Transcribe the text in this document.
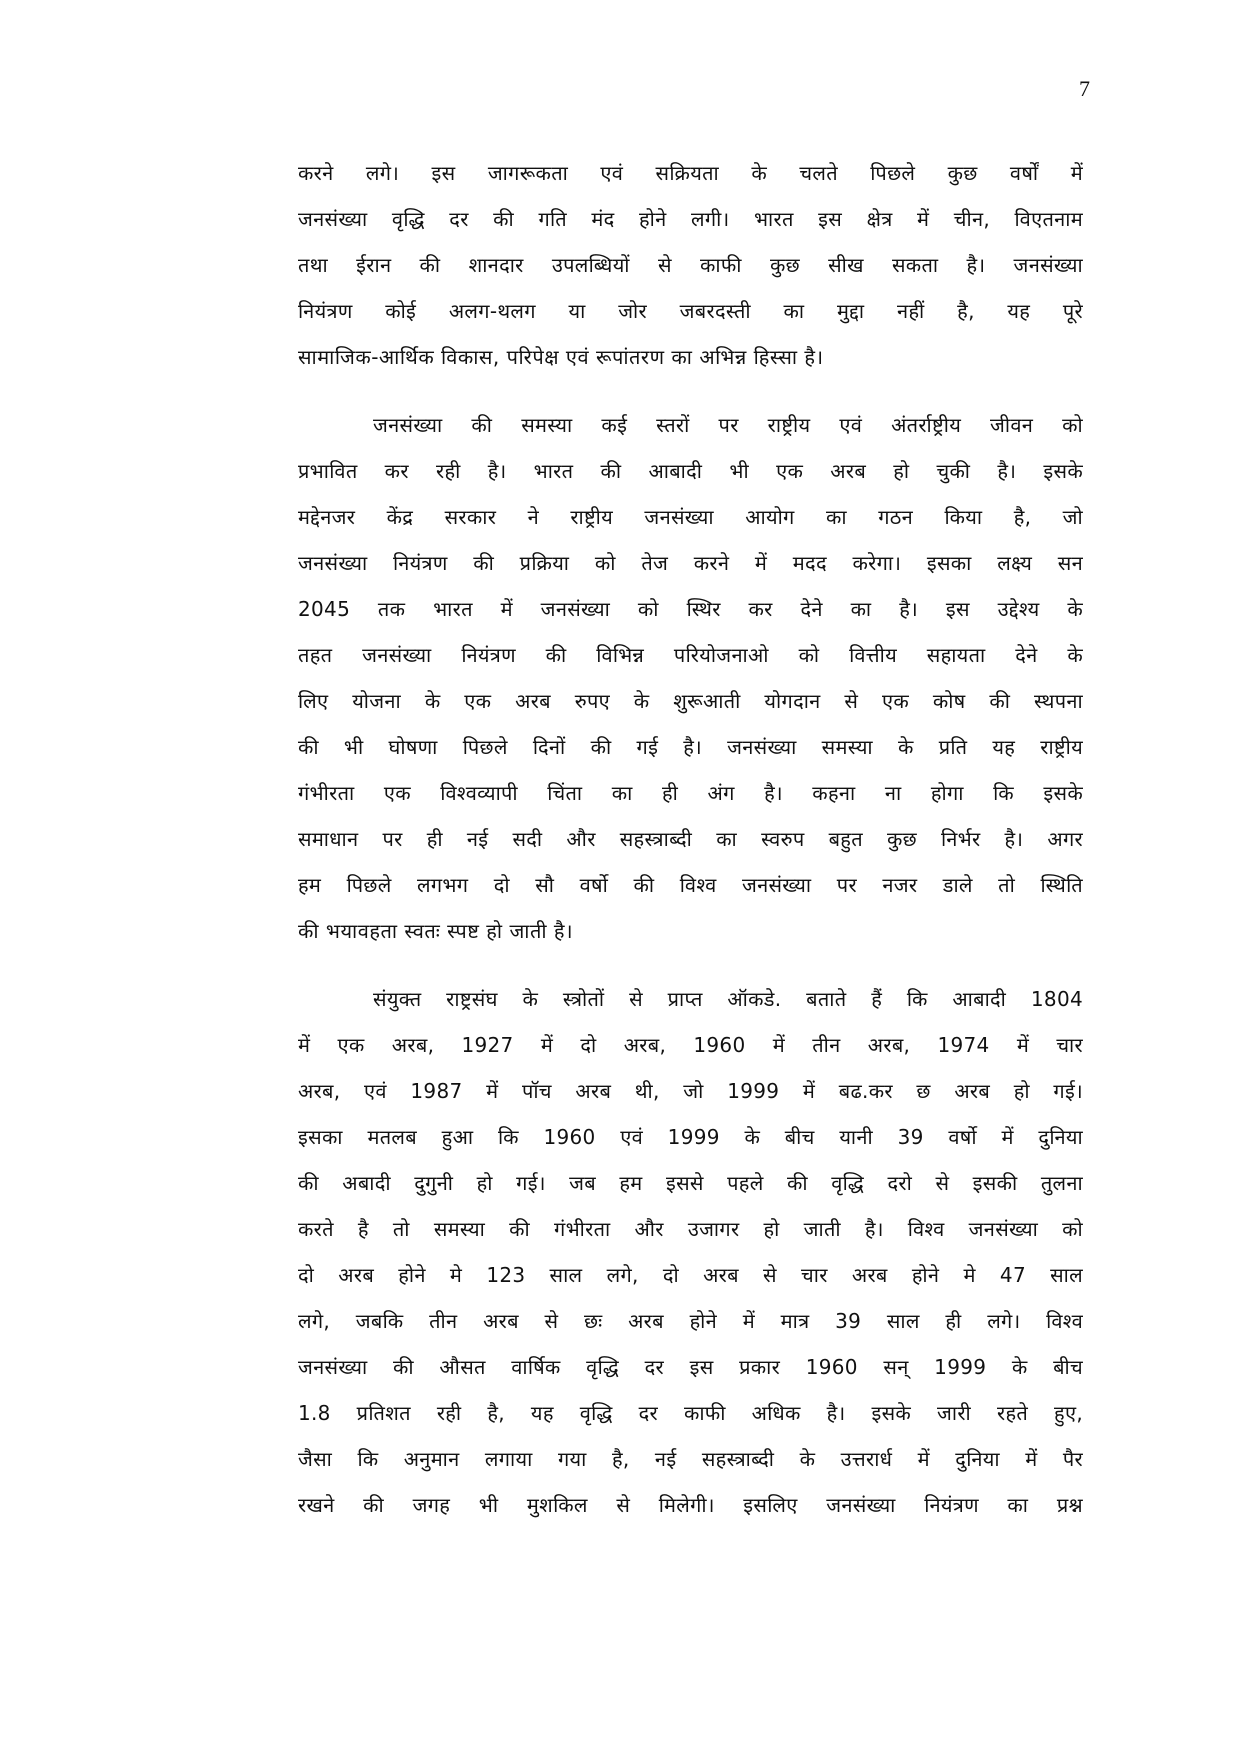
7
करने लगे। इस जागरूकता एवं सक्रियता के चलते पिछले कुछ वर्षों में
जनसंख्या वृद्धि दर की गति मंद होने लगी। भारत इस क्षेत्र में चीन, विएतनाम
तथा ईरान की शानदार उपलब्धियों से काफी कुछ सीख सकता है। जनसंख्या
नियंत्रण कोई अलग-थलग या जोर जबरदस्ती का मुद्दा नहीं है, यह पूरे
सामाजिक-आर्थिक विकास, परिपेक्ष एवं रूपांतरण का अभिन्न हिस्सा है।
जनसंख्या की समस्या कई स्तरों पर राष्ट्रीय एवं अंतर्राष्ट्रीय जीवन को
प्रभावित कर रही है। भारत की आबादी भी एक अरब हो चुकी है। इसके
मद्देनजर केंद्र सरकार ने राष्ट्रीय जनसंख्या आयोग का गठन किया है, जो
जनसंख्या नियंत्रण की प्रक्रिया को तेज करने में मदद करेगा। इसका लक्ष्य सन
2045 तक भारत में जनसंख्या को स्थिर कर देने का है। इस उद्देश्य के
तहत जनसंख्या नियंत्रण की विभिन्न परियोजनाओ को वित्तीय सहायता देने के
लिए योजना के एक अरब रुपए के शुरूआती योगदान से एक कोष की स्थपना
की भी घोषणा पिछले दिनों की गई है। जनसंख्या समस्या के प्रति यह राष्ट्रीय
गंभीरता एक विश्वव्यापी चिंता का ही अंग है। कहना ना होगा कि इसके
समाधान पर ही नई सदी और सहस्त्राब्दी का स्वरुप बहुत कुछ निर्भर है। अगर
हम पिछले लगभग दो सौ वर्षो की विश्व जनसंख्या पर नजर डाले तो स्थिति
की भयावहता स्वतः स्पष्ट हो जाती है।
संयुक्त राष्ट्रसंघ के स्त्रोतों से प्राप्त ऑकडे. बताते हैं कि आबादी 1804
में एक अरब, 1927 में दो अरब, 1960 में तीन अरब, 1974 में चार
अरब, एवं 1987 में पॉच अरब थी, जो 1999 में बढ.कर छ अरब हो गई।
इसका मतलब हुआ कि 1960 एवं 1999 के बीच यानी 39 वर्षो में दुनिया
की अबादी दुगुनी हो गई। जब हम इससे पहले की वृद्धि दरो से इसकी तुलना
करते है तो समस्या की गंभीरता और उजागर हो जाती है। विश्व जनसंख्या को
दो अरब होने मे 123 साल लगे, दो अरब से चार अरब होने मे 47 साल
लगे, जबकि तीन अरब से छः अरब होने में मात्र 39 साल ही लगे। विश्व
जनसंख्या की औसत वार्षिक वृद्धि दर इस प्रकार 1960 सन् 1999 के बीच
1.8 प्रतिशत रही है, यह वृद्धि दर काफी अधिक है। इसके जारी रहते हुए,
जैसा कि अनुमान लगाया गया है, नई सहस्त्राब्दी के उत्तरार्ध में दुनिया में पैर
रखने की जगह भी मुशकिल से मिलेगी। इसलिए जनसंख्या नियंत्रण का प्रश्न
